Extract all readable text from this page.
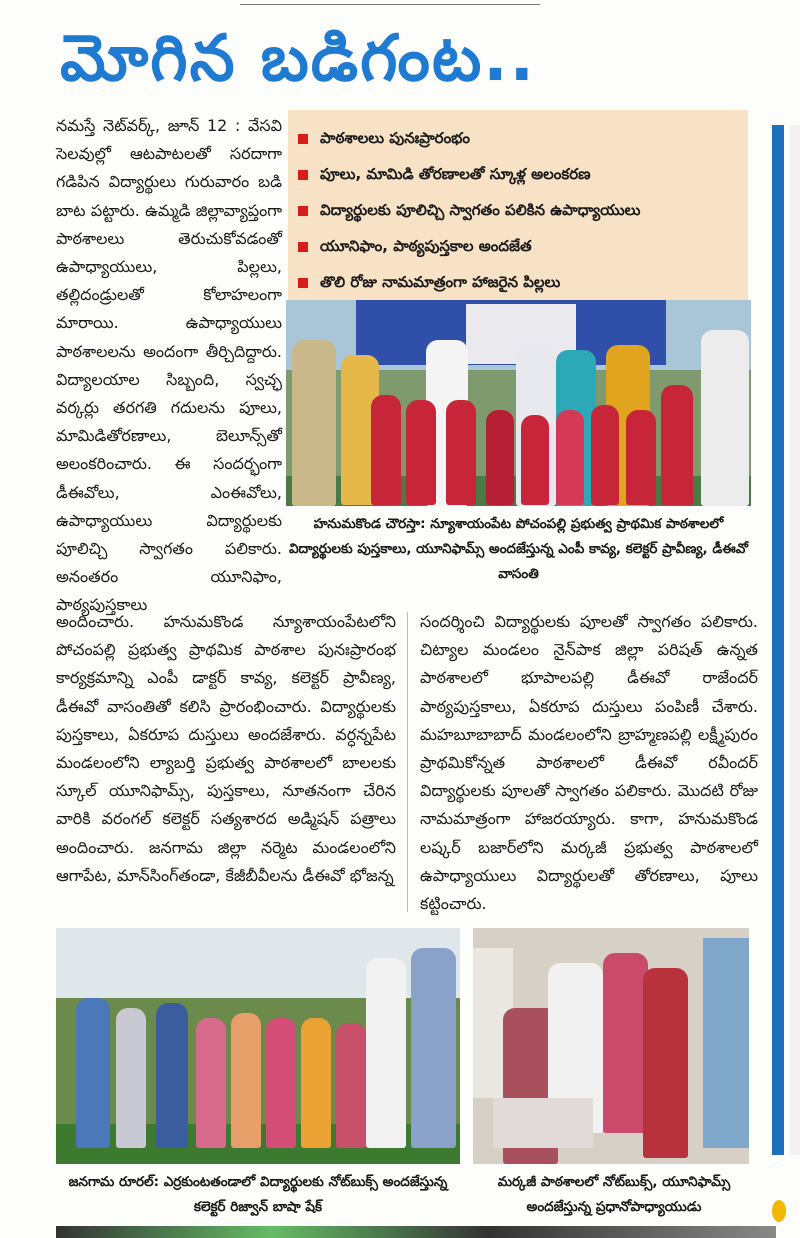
మోగిన బడిగంట..

నమస్తే నెట్‌వర్క్, జూన్ 12 : వేసవి సెలవుల్లో ఆటపాటలతో సరదాగా గడిపిన విద్యార్థులు గురువారం బడి బాట పట్టారు. ఉమ్మడి జిల్లావ్యాప్తంగా పాఠశాలలు తెరుచుకోవడంతో ఉపాధ్యాయులు, పిల్లలు, తల్లిదండ్రులతో కోలాహలంగా మారాయి. ఉపాధ్యాయులు పాఠశాలలను అందంగా తీర్చిదిద్దారు. విద్యాలయాల సిబ్బంది, స్వచ్ఛ వర్కర్లు తరగతి గదులను పూలు, మామిడితోరణాలు, బెలూన్స్‌తో అలంకరించారు. ఈ సందర్భంగా డీఈవోలు, ఎంఈవోలు, ఉపాధ్యాయులు విద్యార్థులకు పూలిచ్చి స్వాగతం పలికారు. అనంతరం యూనిఫాం, పాఠ్యపుస్తకాలు

పాఠశాలలు పునఃప్రారంభం
పూలు, మామిడి తోరణాలతో స్కూళ్ల అలంకరణ
విద్యార్థులకు పూలిచ్చి స్వాగతం పలికిన ఉపాధ్యాయులు
యూనిఫాం, పాఠ్యపుస్తకాల అందజేత
తొలి రోజు నామమాత్రంగా హాజరైన పిల్లలు
హనుమకొండ చౌరస్తా: న్యూశాయంపేట పోచంపల్లి ప్రభుత్వ ప్రాథమిక పాఠశాలలో విద్యార్థులకు పుస్తకాలు, యూనిఫామ్స్ అందజేస్తున్న ఎంపీ కావ్య, కలెక్టర్ ప్రావీణ్య, డీఈవో వాసంతి

అందించారు. హనుమకొండ న్యూశాయంపేటలోని పోచంపల్లి ప్రభుత్వ ప్రాథమిక పాఠశాల పునఃప్రారంభ కార్యక్రమాన్ని ఎంపీ డాక్టర్ కావ్య, కలెక్టర్ ప్రావీణ్య, డీఈవో వాసంతితో కలిసి ప్రారంభించారు. విద్యార్థులకు పుస్తకాలు, ఏకరూప దుస్తులు అందజేశారు. వర్ధన్నపేట మండలంలోని ల్యాబర్తి ప్రభుత్వ పాఠశాలలో బాలలకు స్కూల్ యూనిఫామ్స్, పుస్తకాలు, నూతనంగా చేరిన వారికి వరంగల్ కలెక్టర్ సత్యశారద అడ్మిషన్ పత్రాలు అందించారు. జనగామ జిల్లా నర్మెట మండలంలోని ఆగాపేట, మాన్‌సింగ్‌తండా, కేజీబీవీలను డీఈవో భోజన్న

సందర్శించి విద్యార్థులకు పూలతో స్వాగతం పలికారు. చిట్యాల మండలం నైన్‌పాక జిల్లా పరిషత్ ఉన్నత పాఠశాలలో భూపాలపల్లి డీఈవో రాజేందర్ పాఠ్యపుస్తకాలు, ఏకరూప దుస్తులు పంపిణీ చేశారు. మహబూబాబాద్ మండలంలోని బ్రాహ్మణపల్లి లక్ష్మీపురం ప్రాథమికోన్నత పాఠశాలలో డీఈవో రవీందర్ విద్యార్థులకు పూలతో స్వాగతం పలికారు. మొదటి రోజు నామమాత్రంగా హాజరయ్యారు. కాగా, హనుమకొండ లష్కర్ బజార్‌లోని మర్కజీ ప్రభుత్వ పాఠశాలలో ఉపాధ్యాయులు విద్యార్థులతో తోరణాలు, పూలు కట్టించారు.

జనగామ రూరల్: ఎర్రకుంటతండాలో విద్యార్థులకు నోట్‌బుక్స్ అందజేస్తున్న కలెక్టర్ రిజ్వాన్ బాషా షేక్
మర్కజీ పాఠశాలలో నోట్‌బుక్స్, యూనిఫామ్స్ అందజేస్తున్న ప్రధానోపాధ్యాయుడు
